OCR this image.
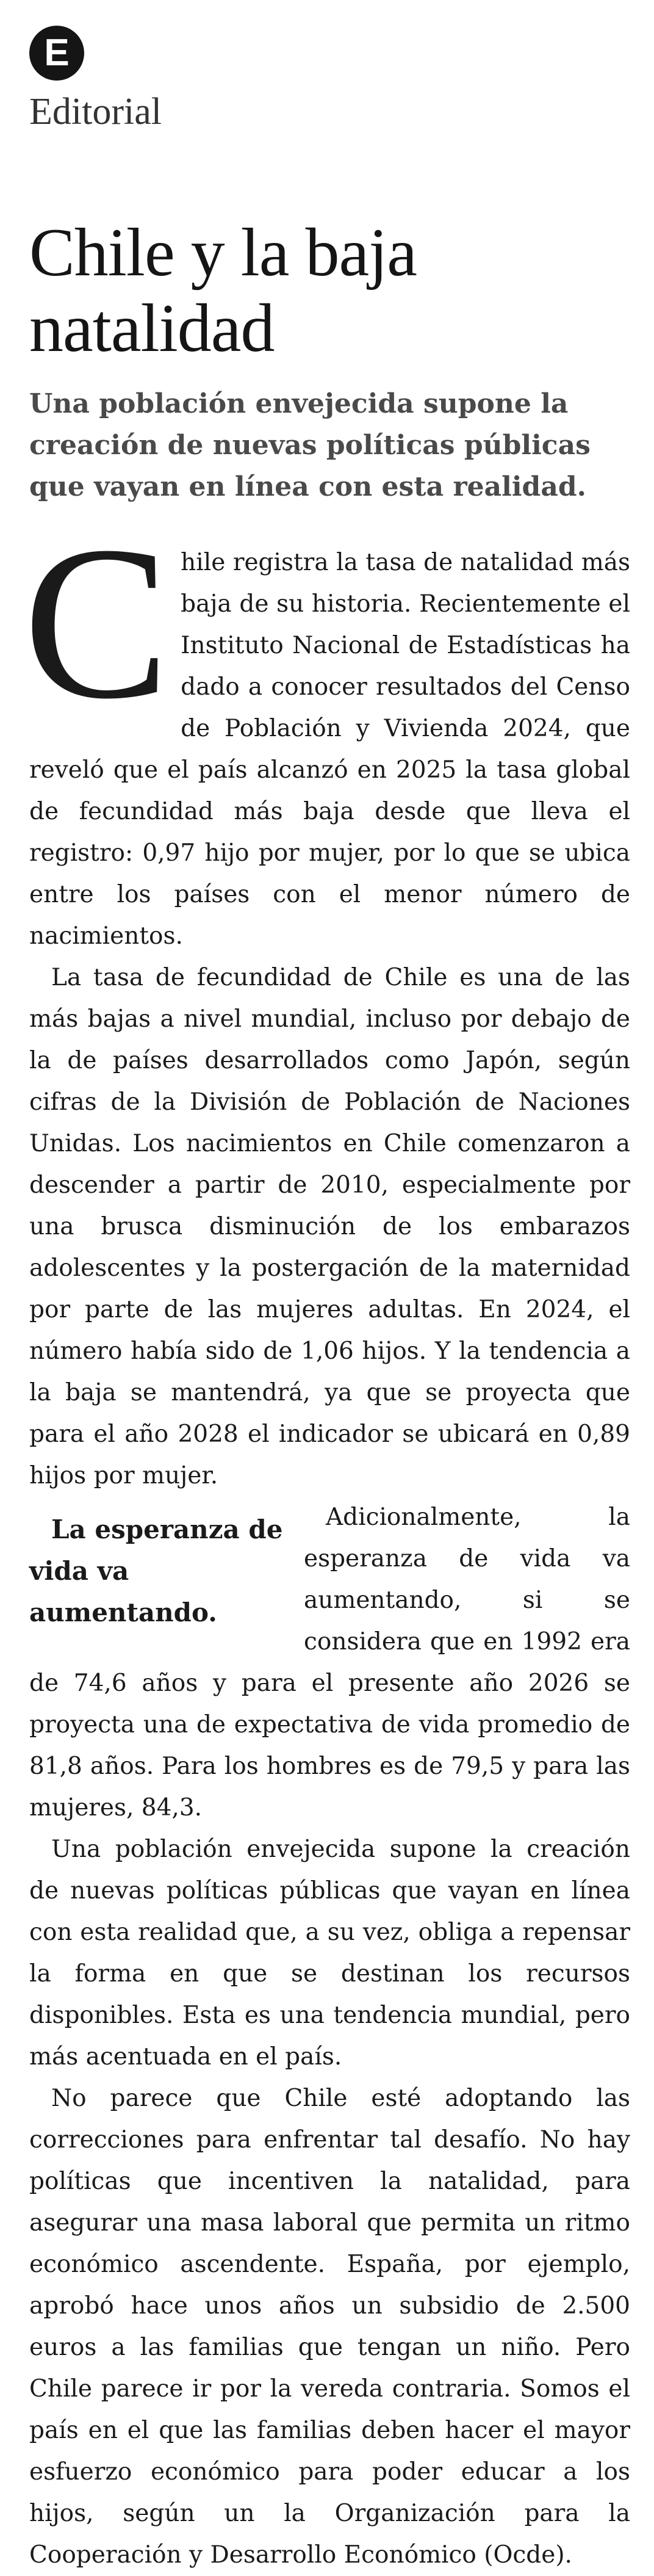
E
Editorial
Chile y la baja natalidad

Una población envejecida supone la creación de nuevas políticas públicas que vayan en línea con esta realidad.

Chile registra la tasa de natalidad más baja de su historia. Recientemente el Instituto Nacional de Estadísticas ha dado a conocer resultados del Censo de Población y Vivienda 2024, que reveló que el país alcanzó en 2025 la tasa global de fecundidad más baja desde que lleva el registro: 0,97 hijo por mujer, por lo que se ubica entre los países con el menor número de nacimientos.

La tasa de fecundidad de Chile es una de las más bajas a nivel mundial, incluso por debajo de la de países desarrollados como Japón, según cifras de la División de Población de Naciones Unidas. Los nacimientos en Chile comenzaron a descender a partir de 2010, especialmente por una brusca disminución de los embarazos adolescentes y la postergación de la maternidad por parte de las mujeres adultas. En 2024, el número había sido de 1,06 hijos. Y la tendencia a la baja se mantendrá, ya que se proyecta que para el año 2028 el indicador se ubicará en 0,89 hijos por mujer.

La esperanza de vida va aumentando.
Adicionalmente, la esperanza de vida va aumentando, si se considera que en 1992 era de 74,6 años y para el presente año 2026 se proyecta una de expectativa de vida promedio de 81,8 años. Para los hombres es de 79,5 y para las mujeres, 84,3.

Una población envejecida supone la creación de nuevas políticas públicas que vayan en línea con esta realidad que, a su vez, obliga a repensar la forma en que se destinan los recursos disponibles. Esta es una tendencia mundial, pero más acentuada en el país.

No parece que Chile esté adoptando las correcciones para enfrentar tal desafío. No hay políticas que incentiven la natalidad, para asegurar una masa laboral que permita un ritmo económico ascendente. España, por ejemplo, aprobó hace unos años un subsidio de 2.500 euros a las familias que tengan un niño. Pero Chile parece ir por la vereda contraria. Somos el país en el que las familias deben hacer el mayor esfuerzo económico para poder educar a los hijos, según un la Organización para la Cooperación y Desarrollo Económico (Ocde).
